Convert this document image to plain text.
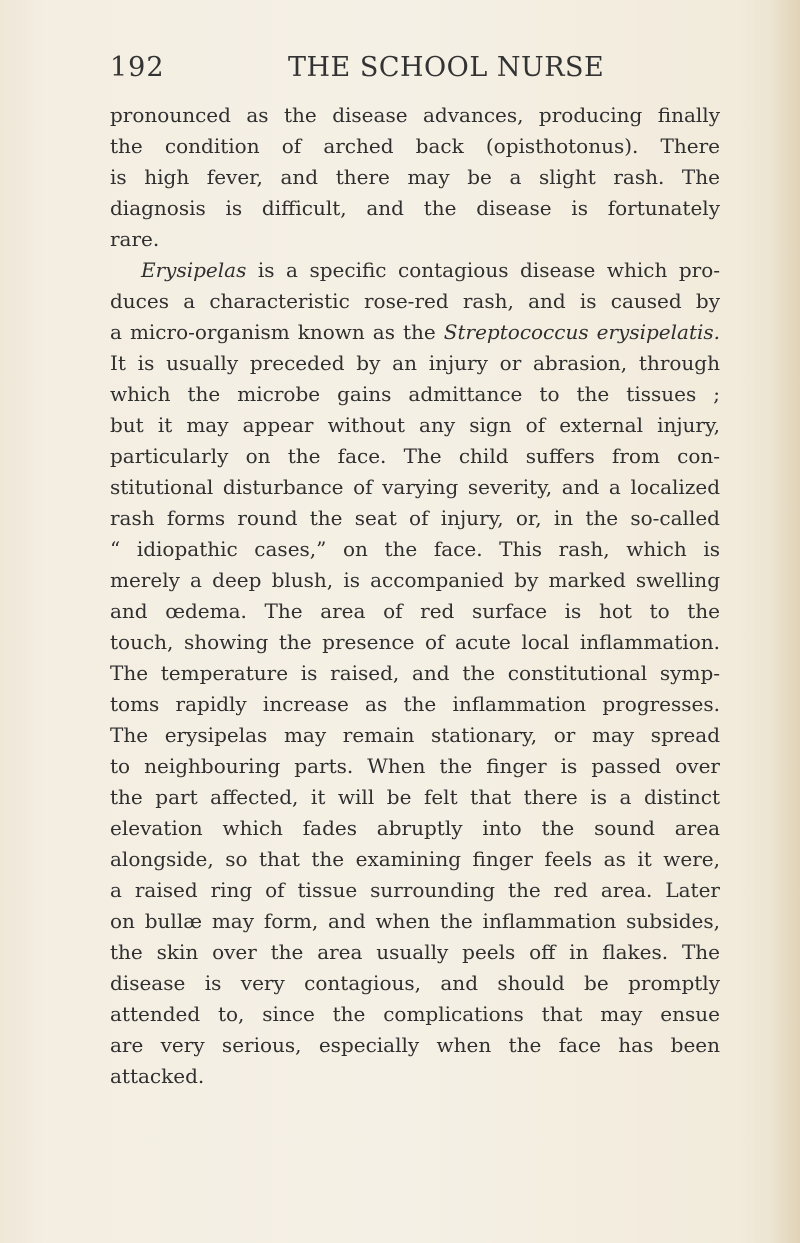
192	THE SCHOOL NURSE
pronounced as the disease advances, producing finally
the condition of arched back (opisthotonus). There
is high fever, and there may be a slight rash. The
diagnosis is difficult, and the disease is fortunately
rare.
Erysipelas is a specific contagious disease which pro-
duces a characteristic rose-red rash, and is caused by
a micro-organism known as the Streptococcus erysipelatis.
It is usually preceded by an injury or abrasion, through
which the microbe gains admittance to the tissues ;
but it may appear without any sign of external injury,
particularly on the face. The child suffers from con-
stitutional disturbance of varying severity, and a localized
rash forms round the seat of injury, or, in the so-called
“ idiopathic cases,” on the face. This rash, which is
merely a deep blush, is accompanied by marked swelling
and œdema. The area of red surface is hot to the
touch, showing the presence of acute local inflammation.
The temperature is raised, and the constitutional symp-
toms rapidly increase as the inflammation progresses.
The erysipelas may remain stationary, or may spread
to neighbouring parts. When the finger is passed over
the part affected, it will be felt that there is a distinct
elevation which fades abruptly into the sound area
alongside, so that the examining finger feels as it were,
a raised ring of tissue surrounding the red area. Later
on bullæ may form, and when the inflammation subsides,
the skin over the area usually peels off in flakes. The
disease is very contagious, and should be promptly
attended to, since the complications that may ensue
are very serious, especially when the face has been
attacked.
